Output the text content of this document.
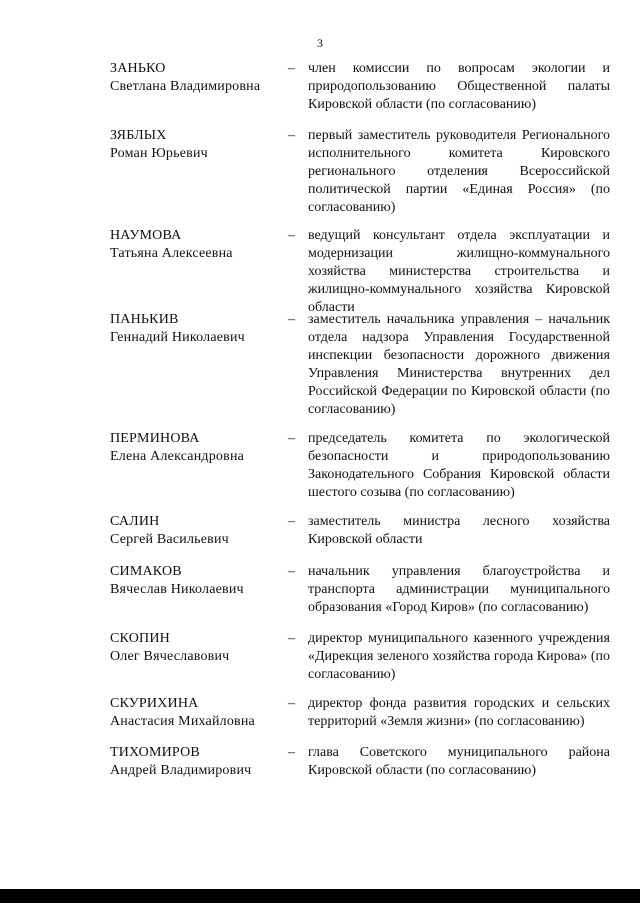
3
ЗАНЬКО
Светлана Владимировна
– член комиссии по вопросам экологии и природопользованию Общественной палаты Кировской области (по согласованию)
ЗЯБЛЫХ
Роман Юрьевич
– первый заместитель руководителя Регионального исполнительного комитета Кировского регионального отделения Всероссийской политической партии «Единая Россия» (по согласованию)
НАУМОВА
Татьяна Алексеевна
– ведущий консультант отдела эксплуатации и модернизации жилищно-коммунального хозяйства министерства строительства и жилищно-коммунального хозяйства Кировской области
ПАНЬКИВ
Геннадий Николаевич
– заместитель начальника управления – начальник отдела надзора Управления Государственной инспекции безопасности дорожного движения Управления Министерства внутренних дел Российской Федерации по Кировской области (по согласованию)
ПЕРМИНОВА
Елена Александровна
– председатель комитета по экологической безопасности и природопользованию Законодательного Собрания Кировской области шестого созыва (по согласованию)
САЛИН
Сергей Васильевич
– заместитель министра лесного хозяйства Кировской области
СИМАКОВ
Вячеслав Николаевич
– начальник управления благоустройства и транспорта администрации муниципального образования «Город Киров» (по согласованию)
СКОПИН
Олег Вячеславович
– директор муниципального казенного учреждения «Дирекция зеленого хозяйства города Кирова» (по согласованию)
СКУРИХИНА
Анастасия Михайловна
– директор фонда развития городских и сельских территорий «Земля жизни» (по согласованию)
ТИХОМИРОВ
Андрей Владимирович
– глава Советского муниципального района Кировской области (по согласованию)
